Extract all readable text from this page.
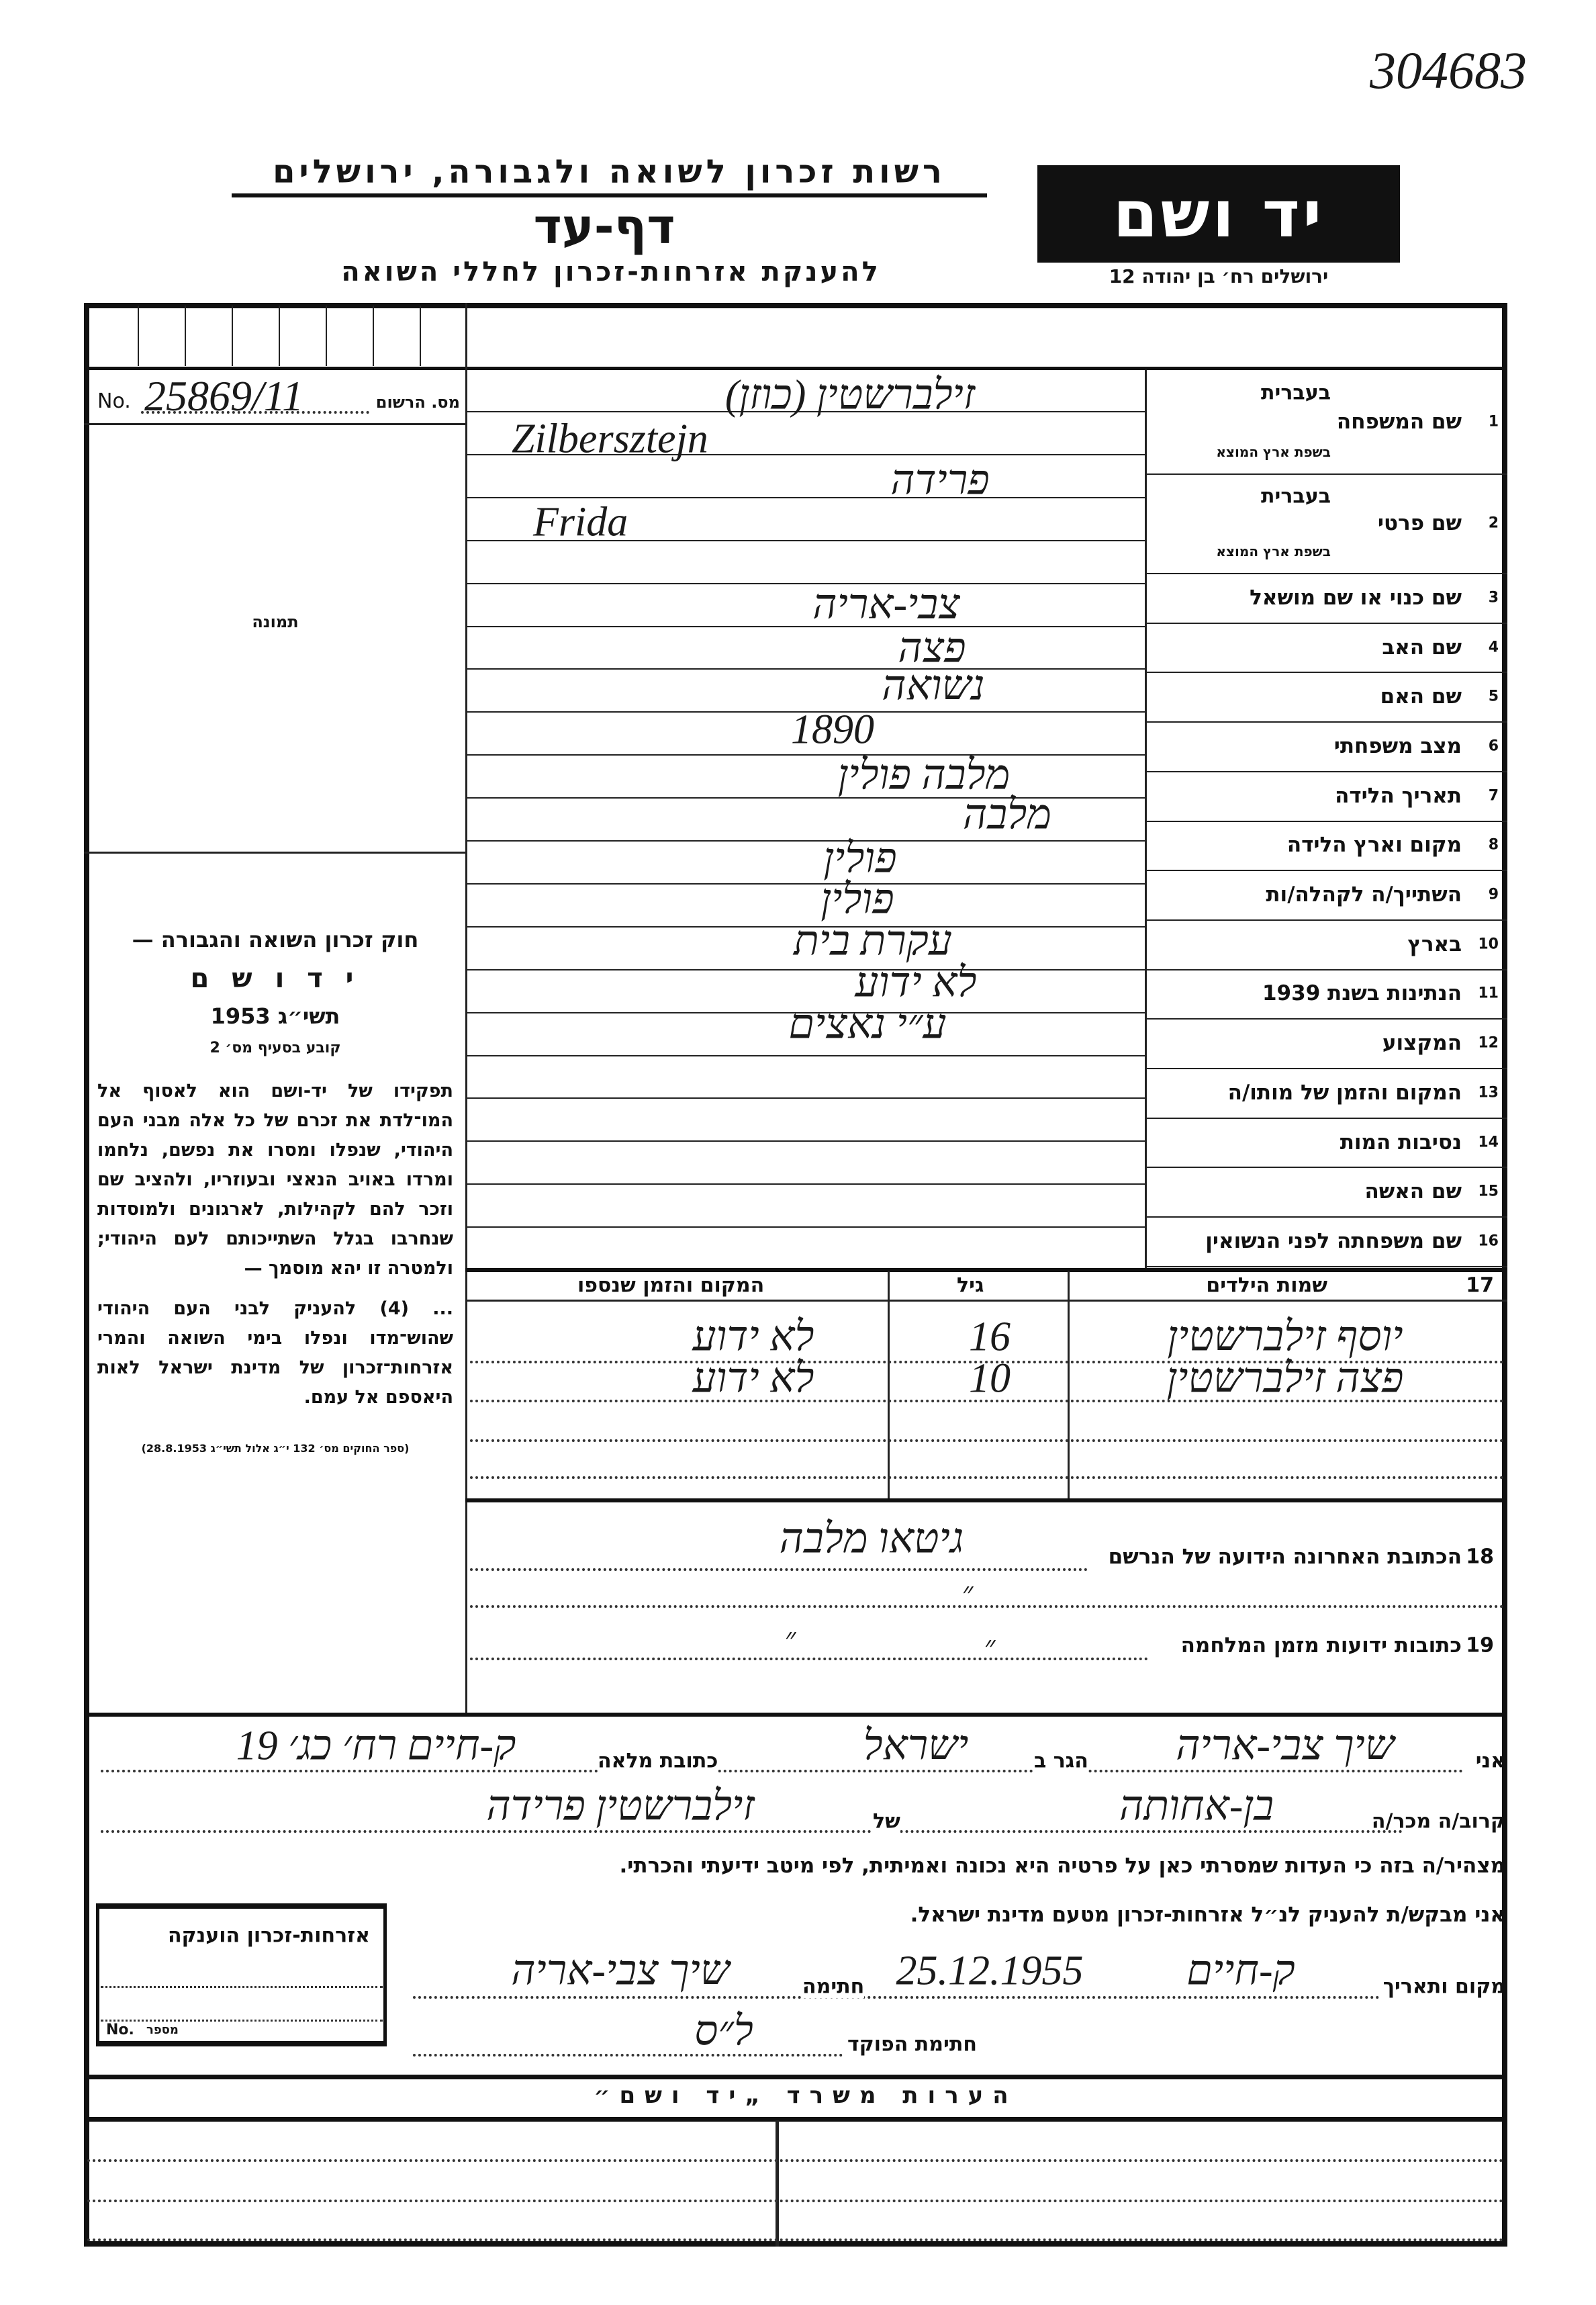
304683
רשות זכרון לשואה ולגבורה, ירושלים
דף-עד
להענקת אזרחות-זכרון לחללי השואה
יד ושם
ירושלים רח׳ בן יהודה 12
No. 25869/11	מס. הרשום
תמונה
חוק זכרון השואה והגבורה —
י ד ו ש ם
תשי״ג 1953
קובע בסעיף מס׳ 2
תפקידו של יד-ושם הוא לאסוף אל המו־לדת את זכרם של כל אלה מבני העם היהודי, שנפלו ומסרו את נפשם, נלחמו ומרדו באויב הנאצי ובעוזריו, ולהציב שם וזכר להם לקהילות, לארגונים ולמוסדות שנחרבו בגלל השתייכותם לעם היהודי; ולמטרה זו יהא מוסמך —
... (4) להעניק לבני העם היהודי שהוש־מדו ונפלו בימי השואה והמרי אזרחות־זכרון של מדינת ישראל לאות היאספם אל עמם.
(ספר החוקים מס׳ 132 י״ג אלול תשי״ג 28.8.1953)
1
שם המשפחה
בעברית
בשפת ארץ המוצא
2
שם פרטי
בעברית
בשפת ארץ המוצא
3
שם כנוי או שם מושאל
4
שם האב
5
שם האם
6
מצב משפחתי
7
תאריך הלידה
8
מקום וארץ הלידה
9
השתייך/ה לקהלה/ות
10
בארץ
11
הנתינות בשנת 1939
12
המקצוע
13
המקום והזמן של מותו/ה
14
נסיבות המות
15
שם האשה
16
שם משפחתה לפני הנשואין
זילברשטין (כוזן)
Zilbersztejn
פרידה
Frida
צבי-אריה
פצה
נשואה
1890
מלבה פולין
מלבה
פולין
פולין
עקרת בית
לא ידוע
ע״י נאצים
17
שמות הילדים
גיל
המקום והזמן שנספו
יוסף זילברשטין
16
לא ידוע
פצה זילברשטין
10
לא ידוע
18
הכתובת האחרונה הידועה של הנרשם
גיטאו מלבה
״
19
כתובות ידועות מזמן המלחמה
״	״
אני
שיך צבי-אריה
הגר ב
ישראל
כתובת מלאה
ק-חיים רח׳ כג׳ 19
קרוב/ה מכר/ה
בן-אחותה
של
זילברשטין פרידה
מצהיר/ה בזה כי העדות שמסרתי כאן על פרטיה היא נכונה ואמיתית, לפי מיטב ידיעתי והכרתי.
אני מבקש/ת להעניק לנ״ל אזרחות-זכרון מטעם מדינת ישראל.
מקום ותאריך
ק-חיים
25.12.1955
חתימה
שיך צבי-אריה
חתימת הפוקד
ל״ס
אזרחות-זכרון הוענקה
No. מספר
הערות משרד „יד ושם״
